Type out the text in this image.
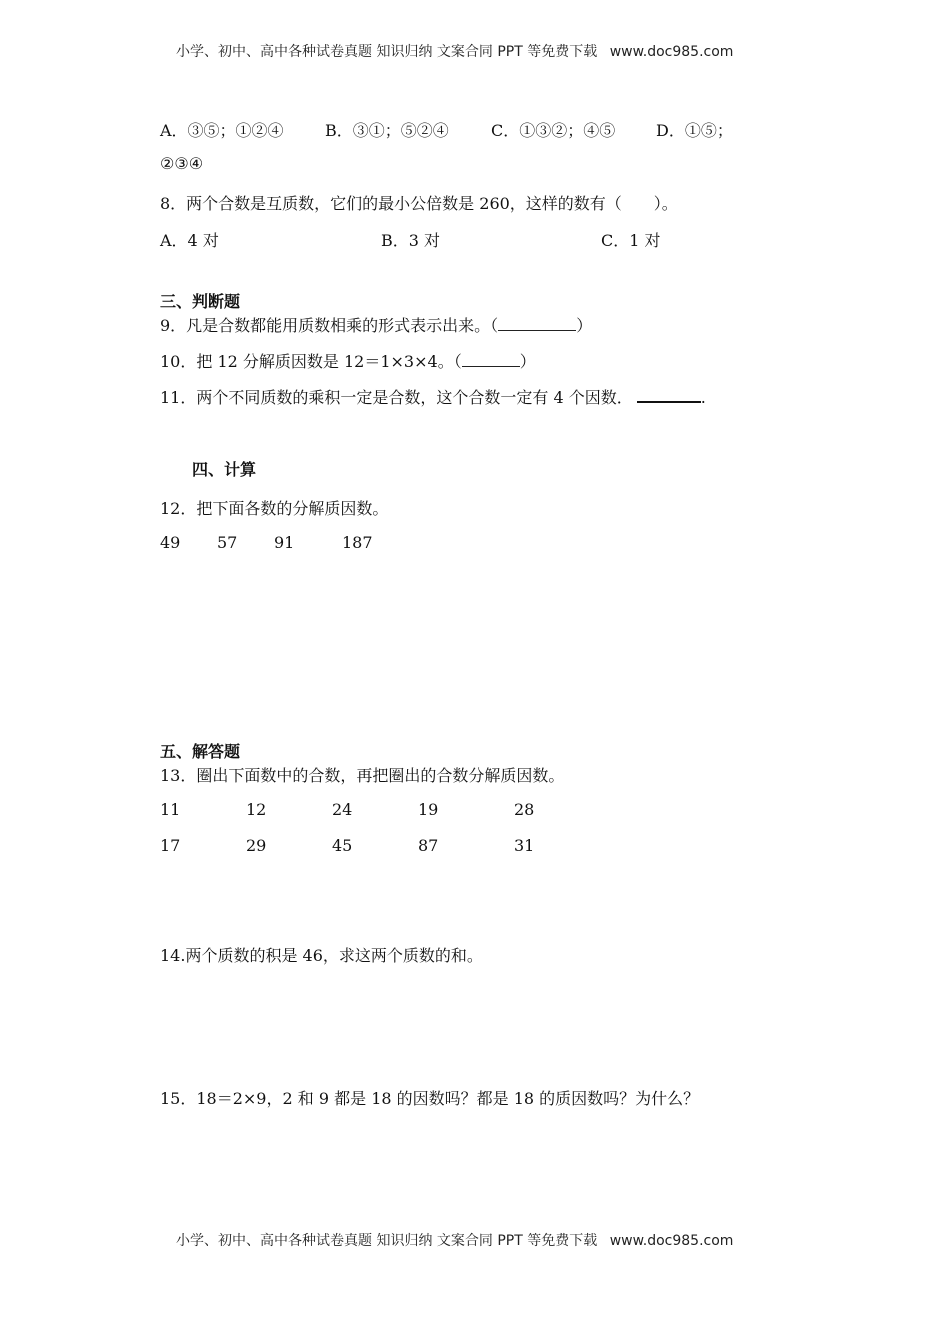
小学、初中、高中各种试卷真题 知识归纳 文案合同 PPT 等免费下载 www.doc985.com
A．③⑤；①②④	B．③①；⑤②④	C．①③②；④⑤	D．①⑤；
②③④
8．两个合数是互质数，它们的最小公倍数是 260，这样的数有（　　）。
A．4 对	B．3 对	C．1 对
三、判断题
9．凡是合数都能用质数相乘的形式表示出来。（	）
10．把 12 分解质因数是 12＝1×3×4。（	）
11．两个不同质数的乘积一定是合数，这个合数一定有 4 个因数．	.
四、计算
12．把下面各数的分解质因数。
49 57 91	187
五、解答题
13．圈出下面数中的合数，再把圈出的合数分解质因数。
11	12	24	19	28
17	29	45	87	31
14.两个质数的积是 46，求这两个质数的和。
15．18＝2×9，2 和 9 都是 18 的因数吗？都是 18 的质因数吗？为什么？
小学、初中、高中各种试卷真题 知识归纳 文案合同 PPT 等免费下载 www.doc985.com
